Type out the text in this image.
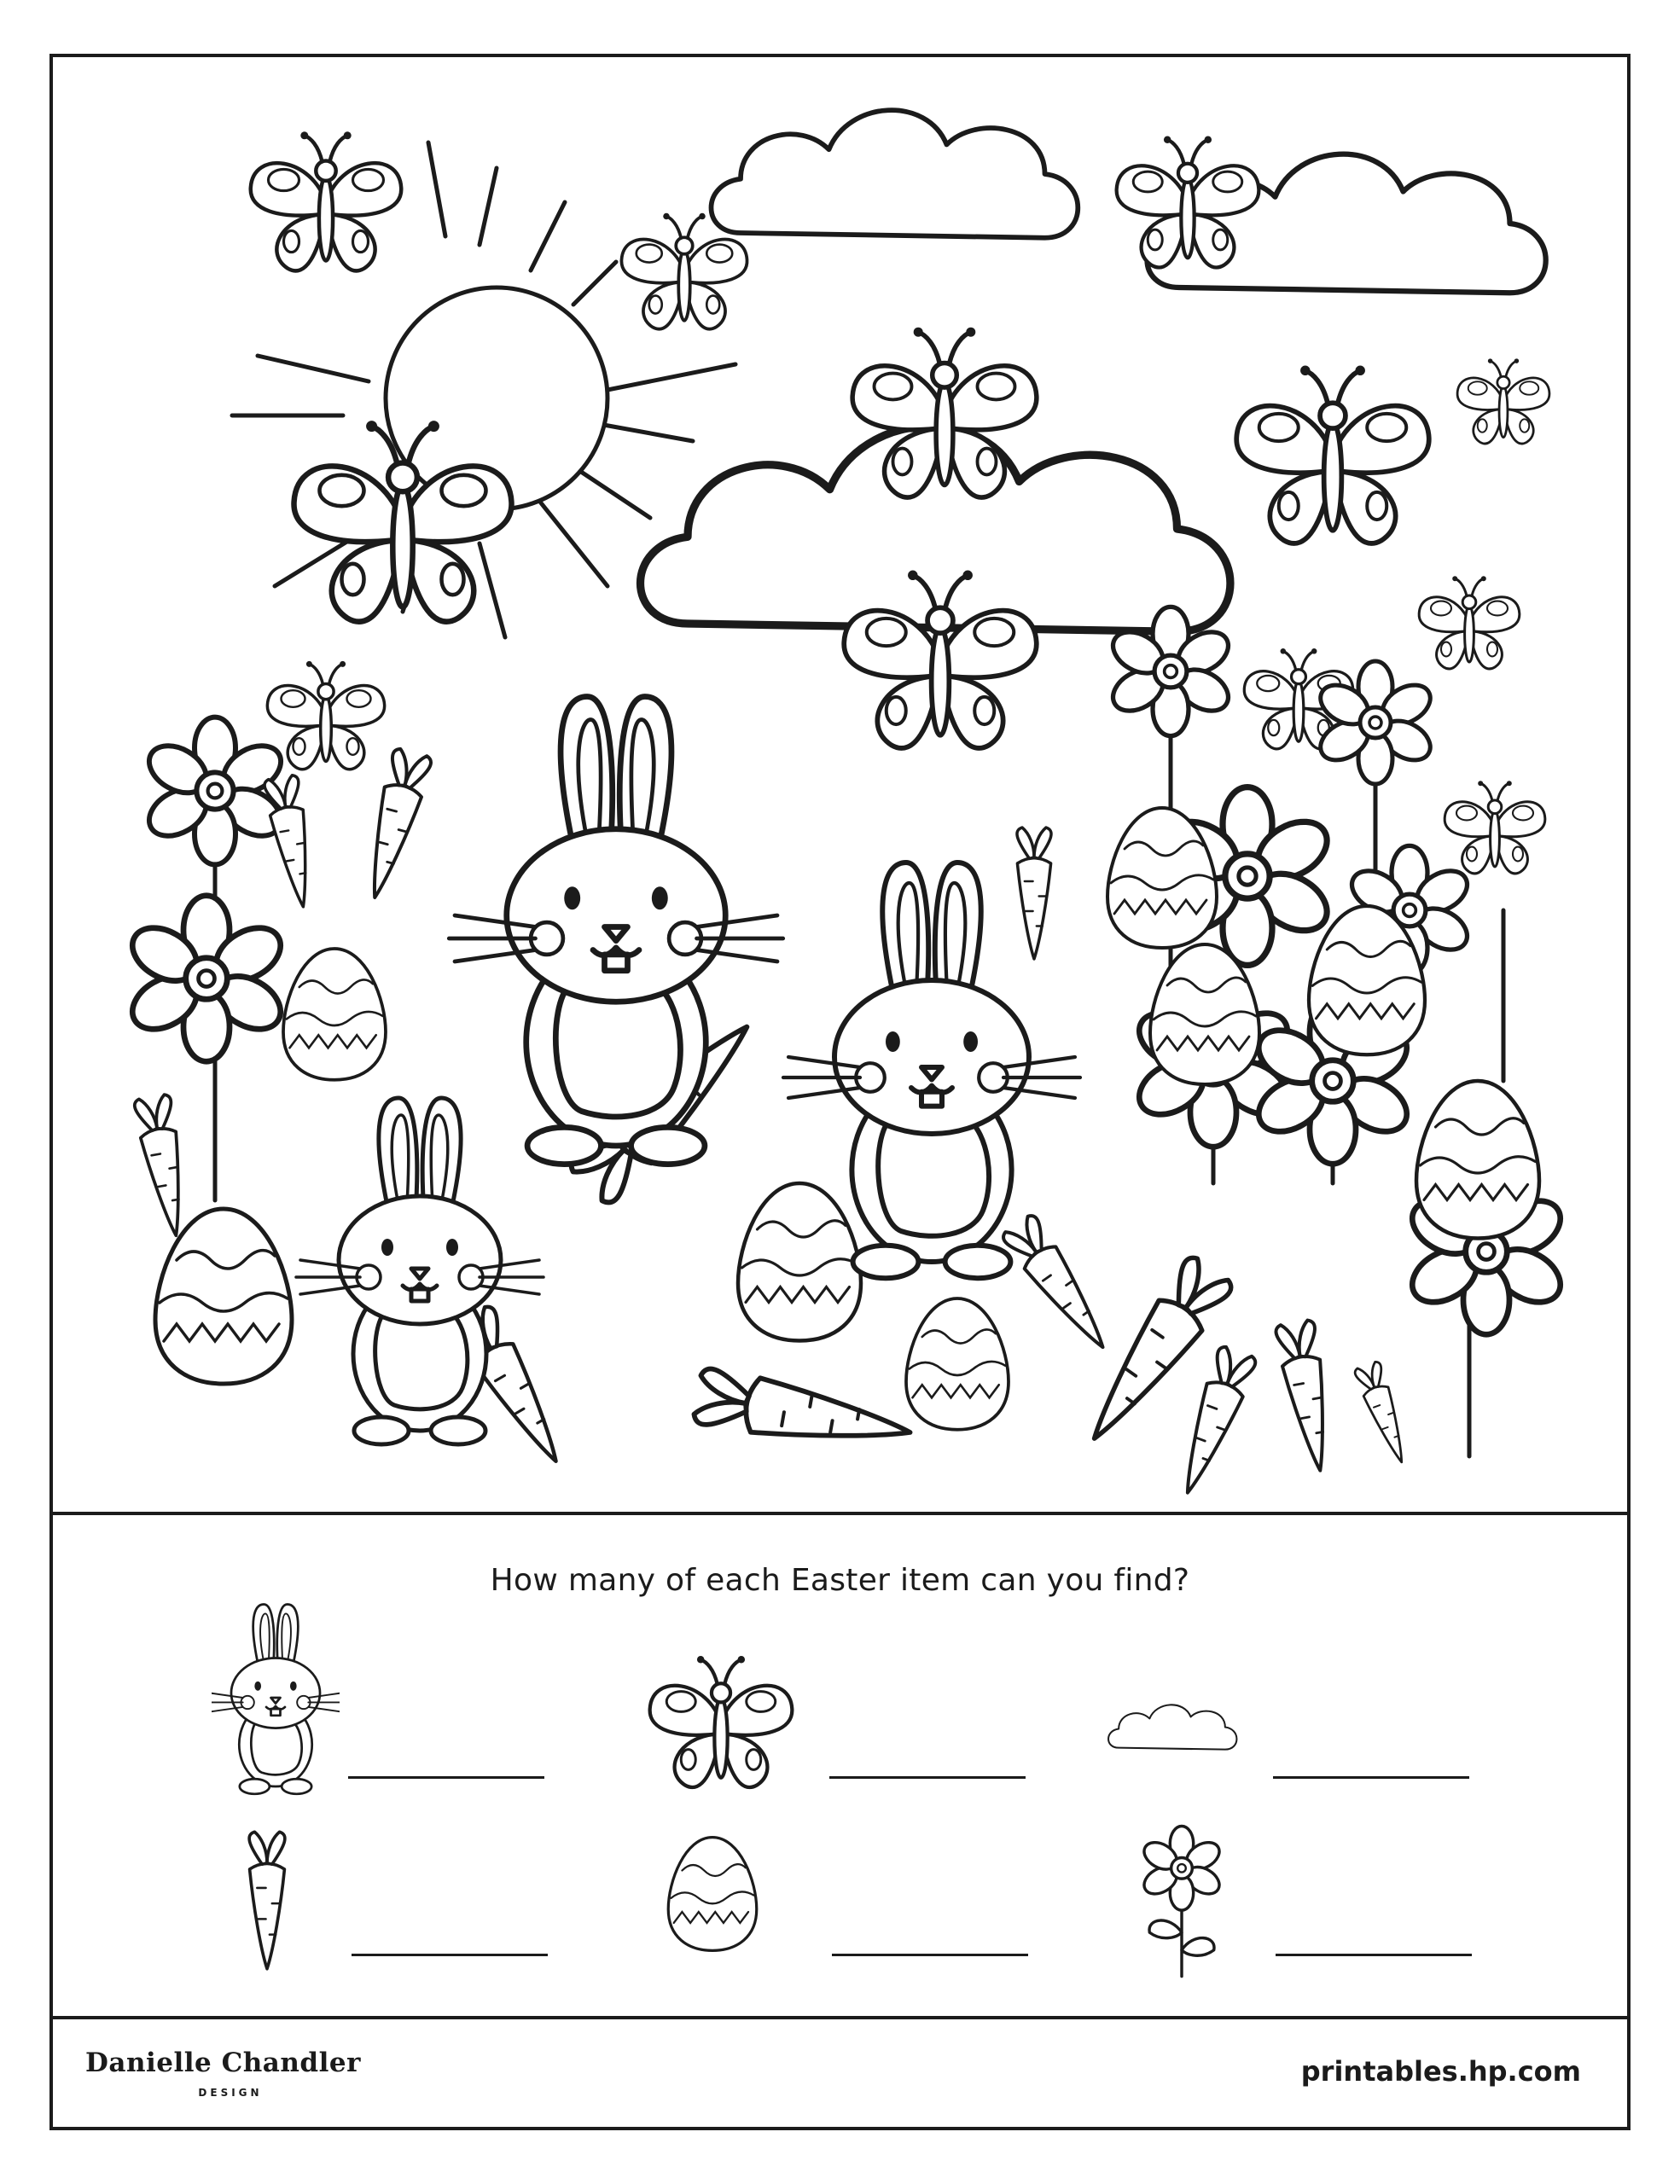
How many of each Easter item can you find?
Danielle Chandler
DESIGN
printables.hp.com
